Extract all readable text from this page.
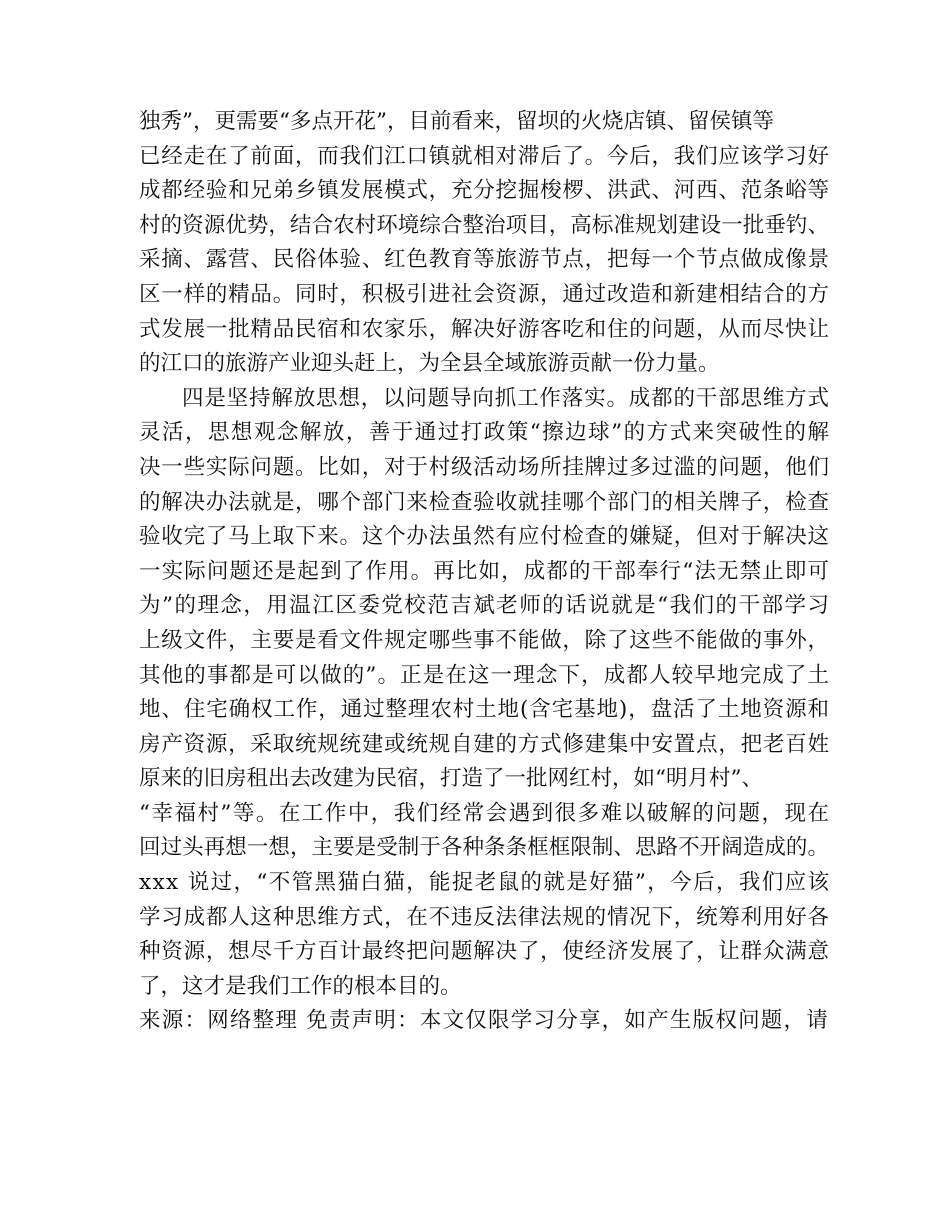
独秀”，更需要“多点开花”，目前看来，留坝的火烧店镇、留侯镇等
已经走在了前面，而我们江口镇就相对滞后了。今后，我们应该学习好
成都经验和兄弟乡镇发展模式，充分挖掘梭椤、洪武、河西、范条峪等
村的资源优势，结合农村环境综合整治项目，高标准规划建设一批垂钓、
采摘、露营、民俗体验、红色教育等旅游节点，把每一个节点做成像景
区一样的精品。同时，积极引进社会资源，通过改造和新建相结合的方
式发展一批精品民宿和农家乐，解决好游客吃和住的问题，从而尽快让
的江口的旅游产业迎头赶上，为全县全域旅游贡献一份力量。
四是坚持解放思想，以问题导向抓工作落实。成都的干部思维方式
灵活，思想观念解放，善于通过打政策“擦边球”的方式来突破性的解
决一些实际问题。比如，对于村级活动场所挂牌过多过滥的问题，他们
的解决办法就是，哪个部门来检查验收就挂哪个部门的相关牌子，检查
验收完了马上取下来。这个办法虽然有应付检查的嫌疑，但对于解决这
一实际问题还是起到了作用。再比如，成都的干部奉行“法无禁止即可
为”的理念，用温江区委党校范吉斌老师的话说就是“我们的干部学习
上级文件，主要是看文件规定哪些事不能做，除了这些不能做的事外，
其他的事都是可以做的”。正是在这一理念下，成都人较早地完成了土
地、住宅确权工作，通过整理农村土地(含宅基地)，盘活了土地资源和
房产资源，采取统规统建或统规自建的方式修建集中安置点，把老百姓
原来的旧房租出去改建为民宿，打造了一批网红村，如“明月村”、
“幸福村”等。在工作中，我们经常会遇到很多难以破解的问题，现在
回过头再想一想，主要是受制于各种条条框框限制、思路不开阔造成的。
xxx 说过，“不管黑猫白猫，能捉老鼠的就是好猫”，今后，我们应该
学习成都人这种思维方式，在不违反法律法规的情况下，统筹利用好各
种资源，想尽千方百计最终把问题解决了，使经济发展了，让群众满意
了，这才是我们工作的根本目的。
来源：网络整理 免责声明：本文仅限学习分享，如产生版权问题，请
